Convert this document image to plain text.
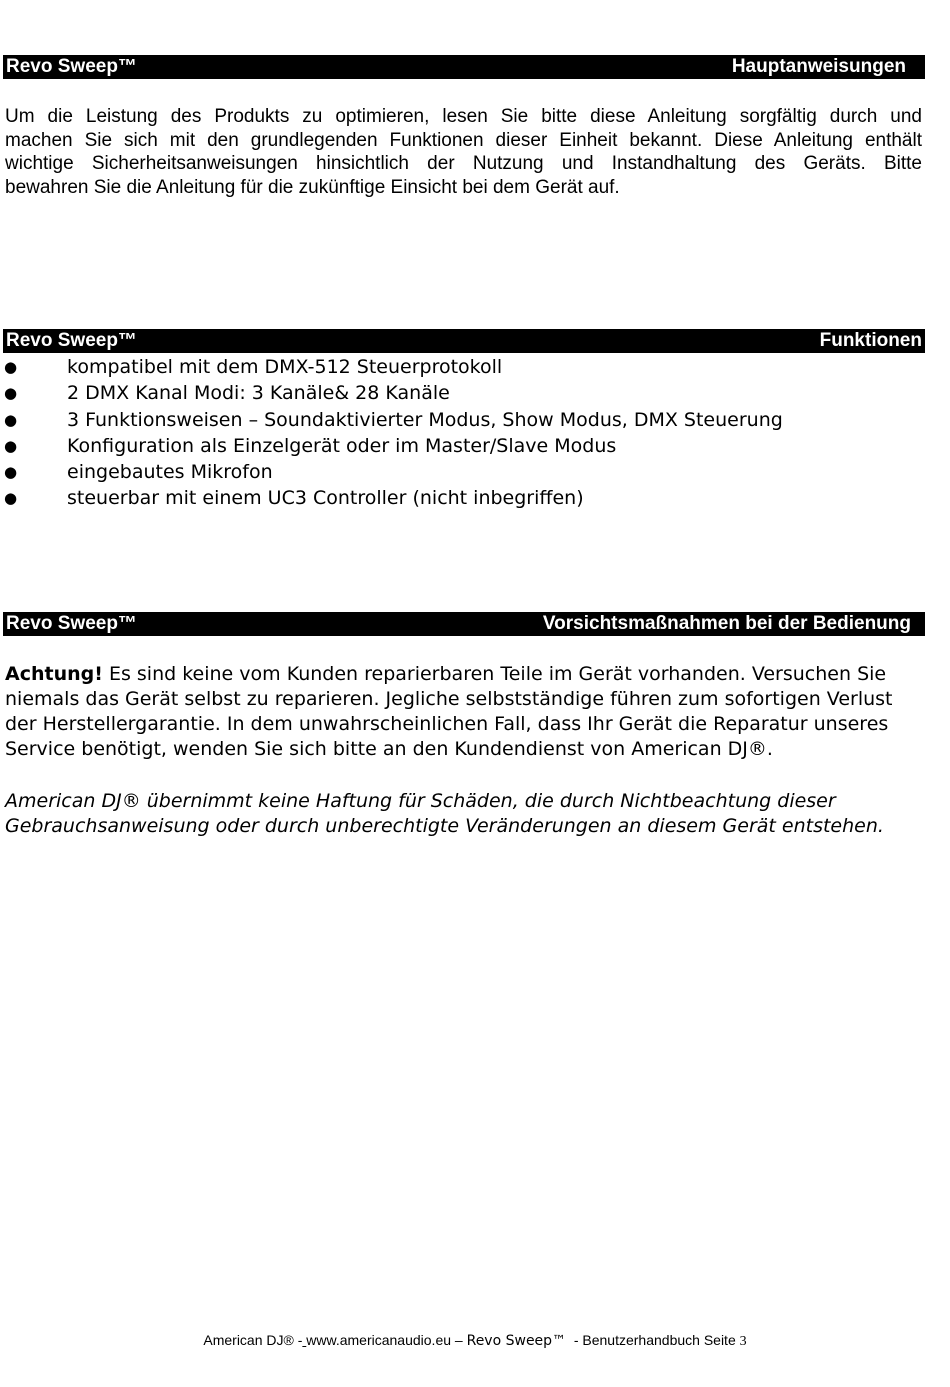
Revo Sweep™	Hauptanweisungen
Um die Leistung des Produkts zu optimieren, lesen Sie bitte diese Anleitung sorgfältig durch und
machen Sie sich mit den grundlegenden Funktionen dieser Einheit bekannt. Diese Anleitung enthält
wichtige Sicherheitsanweisungen hinsichtlich der Nutzung und Instandhaltung des Geräts. Bitte
bewahren Sie die Anleitung für die zukünftige Einsicht bei dem Gerät auf.
Revo Sweep™	Funktionen
●	kompatibel mit dem DMX-512 Steuerprotokoll
●	2 DMX Kanal Modi: 3 Kanäle& 28 Kanäle
●	3 Funktionsweisen – Soundaktivierter Modus, Show Modus, DMX Steuerung
●	Konfiguration als Einzelgerät oder im Master/Slave Modus
●	eingebautes Mikrofon
●	steuerbar mit einem UC3 Controller (nicht inbegriffen)
Revo Sweep™	Vorsichtsmaßnahmen bei der Bedienung

Achtung! Es sind keine vom Kunden reparierbaren Teile im Gerät vorhanden. Versuchen Sie niemals das Gerät selbst zu reparieren. Jegliche selbstständige führen zum sofortigen Verlust der Herstellergarantie. In dem unwahrscheinlichen Fall, dass Ihr Gerät die Reparatur unseres Service benötigt, wenden Sie sich bitte an den Kundendienst von American DJ®.

American DJ® übernimmt keine Haftung für Schäden, die durch Nichtbeachtung dieser
Gebrauchsanweisung oder durch unberechtigte Veränderungen an diesem Gerät entstehen.

American DJ® - www.americanaudio.eu – Revo Sweep™  - Benutzerhandbuch Seite 3
